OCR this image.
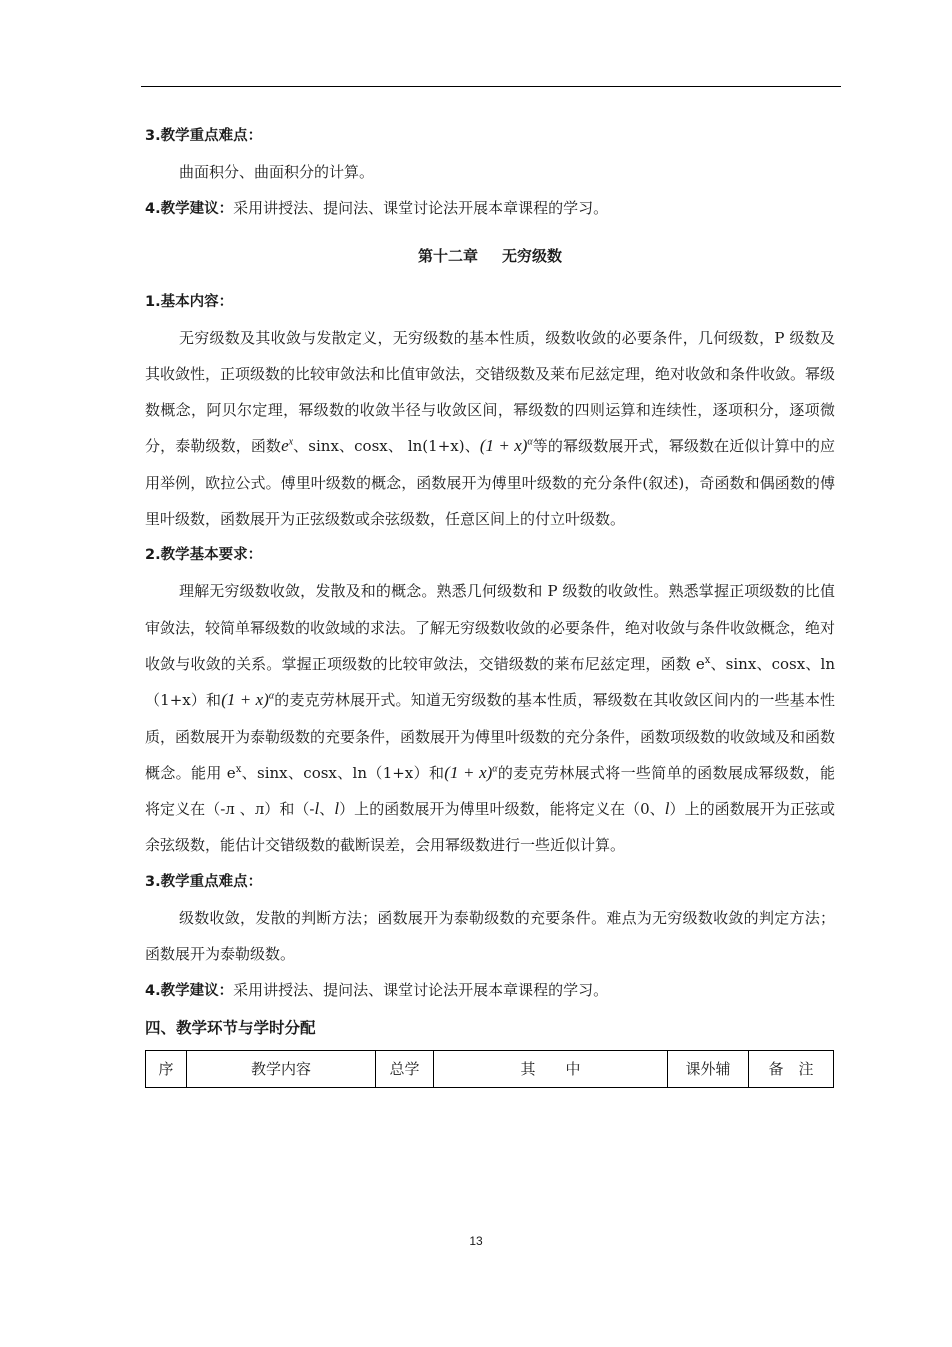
3.教学重点难点：

曲面积分、曲面积分的计算。

4.教学建议：采用讲授法、提问法、课堂讨论法开展本章课程的学习。

第十二章 无穷级数

1.基本内容：

无穷级数及其收敛与发散定义，无穷级数的基本性质，级数收敛的必要条件，几何级数，P 级数及其收敛性，正项级数的比较审敛法和比值审敛法，交错级数及莱布尼兹定理，绝对收敛和条件收敛。幂级数概念，阿贝尔定理，幂级数的收敛半径与收敛区间，幂级数的四则运算和连续性，逐项积分，逐项微分，泰勒级数，函数$e^x$、sinx、cosx、 ln(1+x)、$(1 + x)^\alpha$等的幂级数展开式，幂级数在近似计算中的应用举例，欧拉公式。傅里叶级数的概念，函数展开为傅里叶级数的充分条件(叙述)，奇函数和偶函数的傅里叶级数，函数展开为正弦级数或余弦级数，任意区间上的付立叶级数。

2.教学基本要求：

理解无穷级数收敛，发散及和的概念。熟悉几何级数和 P 级数的收敛性。熟悉掌握正项级数的比值审敛法，较简单幂级数的收敛域的求法。了解无穷级数收敛的必要条件，绝对收敛与条件收敛概念，绝对收敛与收敛的关系。掌握正项级数的比较审敛法，交错级数的莱布尼兹定理，函数 $e^x$、sinx、cosx、ln（1+x）和$(1 + x)^\alpha$的麦克劳林展开式。知道无穷级数的基本性质，幂级数在其收敛区间内的一些基本性质，函数展开为泰勒级数的充要条件，函数展开为傅里叶级数的充分条件，函数项级数的收敛域及和函数概念。能用 $e^x$、sinx、cosx、ln（1+x）和$(1 + x)^\alpha$的麦克劳林展式将一些简单的函数展成幂级数，能将定义在（-л 、л）和（-l、l）上的函数展开为傅里叶级数，能将定义在（0、l）上的函数展开为正弦或余弦级数，能估计交错级数的截断误差，会用幂级数进行一些近似计算。

3.教学重点难点：

级数收敛，发散的判断方法；函数展开为泰勒级数的充要条件。难点为无穷级数收敛的判定方法；函数展开为泰勒级数。

4.教学建议：采用讲授法、提问法、课堂讨论法开展本章课程的学习。

四、教学环节与学时分配

序	教学内容	总学	其　　中	课外辅	备　注
13
